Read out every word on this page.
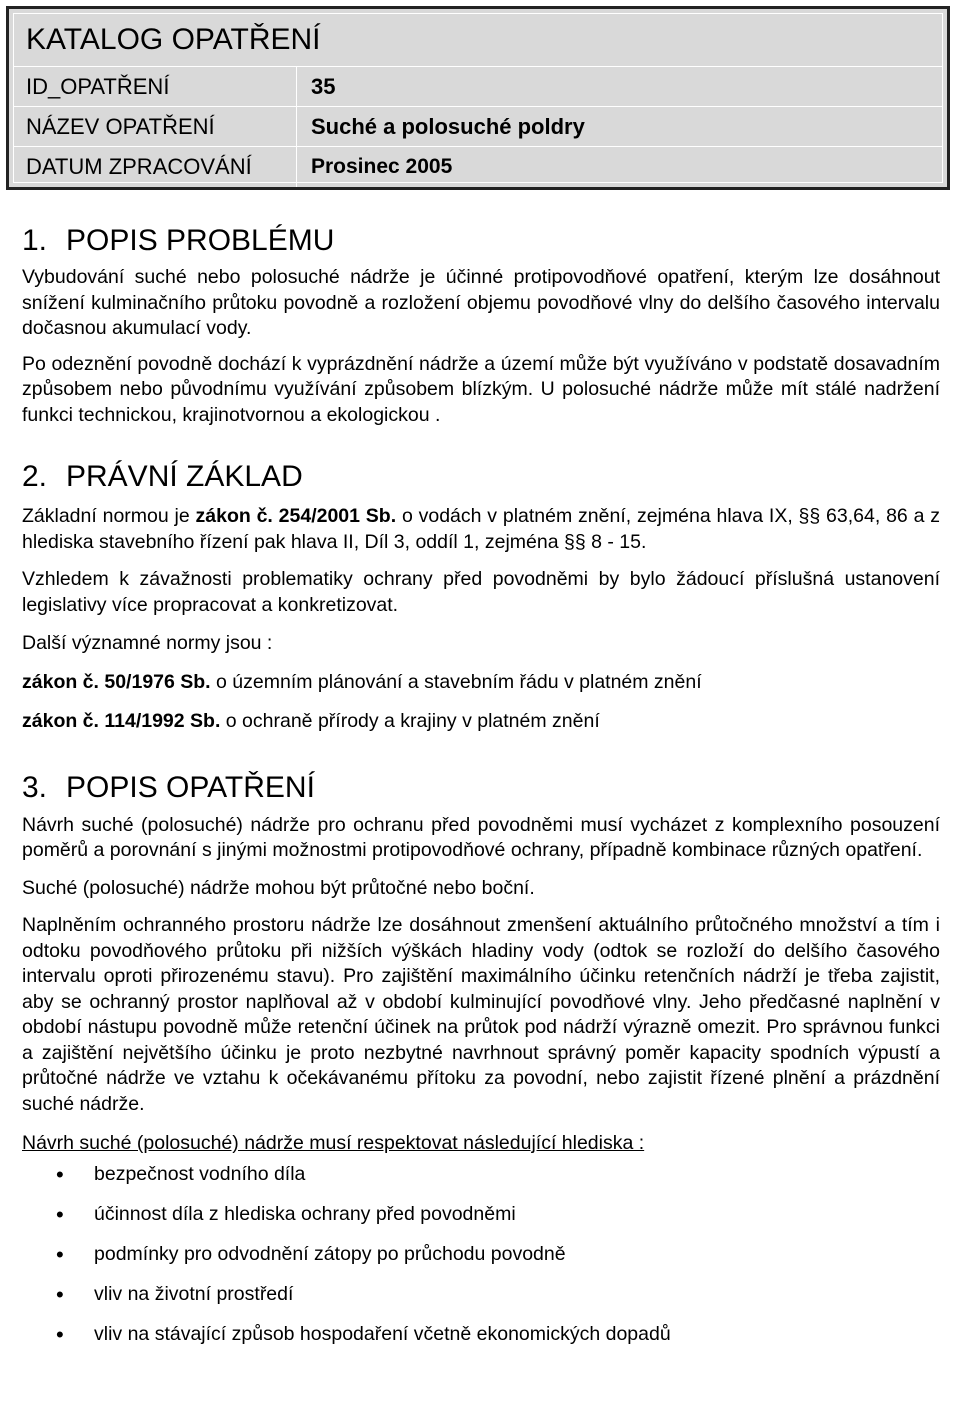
KATALOG OPATŘENÍ
ID_OPATŘENÍ	35
NÁZEV OPATŘENÍ	Suché a polosuché poldry
DATUM ZPRACOVÁNÍ	Prosinec 2005
1. POPIS PROBLÉMU

Vybudování suché nebo polosuché nádrže je účinné protipovodňové opatření, kterým lze dosáhnout snížení kulminačního průtoku povodně a rozložení objemu povodňové vlny do delšího časového intervalu dočasnou akumulací vody.

Po odeznění povodně dochází k vyprázdnění nádrže a území může být využíváno v podstatě dosavadním způsobem nebo původnímu využívání způsobem blízkým. U polosuché nádrže může mít stálé nadržení funkci technickou, krajinotvornou a ekologickou .

2. PRÁVNÍ ZÁKLAD

Základní normou je zákon č. 254/2001 Sb. o vodách v platném znění, zejména hlava IX, §§ 63,64, 86 a z hlediska stavebního řízení pak hlava II, Díl 3, oddíl 1, zejména §§ 8 - 15.

Vzhledem k závažnosti problematiky ochrany před povodněmi by bylo žádoucí příslušná ustanovení legislativy více propracovat a konkretizovat.

Další významné normy jsou :

zákon č. 50/1976 Sb. o územním plánování a stavebním řádu v platném znění

zákon č. 114/1992 Sb. o ochraně přírody a krajiny v platném znění

3. POPIS OPATŘENÍ

Návrh suché (polosuché) nádrže pro ochranu před povodněmi musí vycházet z komplexního posouzení poměrů a porovnání s jinými možnostmi protipovodňové ochrany, případně kombinace různých opatření.

Suché (polosuché) nádrže mohou být průtočné nebo boční.

Naplněním ochranného prostoru nádrže lze dosáhnout zmenšení aktuálního průtočného množství a tím i odtoku povodňového průtoku při nižších výškách hladiny vody (odtok se rozloží do delšího časového intervalu oproti přirozenému stavu). Pro zajištění maximálního účinku retenčních nádrží je třeba zajistit, aby se ochranný prostor naplňoval až v období kulminující povodňové vlny. Jeho předčasné naplnění v období nástupu povodně může retenční účinek na průtok pod nádrží výrazně omezit. Pro správnou funkci a zajištění největšího účinku je proto nezbytné navrhnout správný poměr kapacity spodních výpustí a průtočné nádrže ve vztahu k očekávanému přítoku za povodní, nebo zajistit řízené plnění a prázdnění suché nádrže.

Návrh suché (polosuché) nádrže musí respektovat následující hlediska :

• bezpečnost vodního díla
• účinnost díla z hlediska ochrany před povodněmi
• podmínky pro odvodnění zátopy po průchodu povodně
• vliv na životní prostředí
• vliv na stávající způsob hospodaření včetně ekonomických dopadů
